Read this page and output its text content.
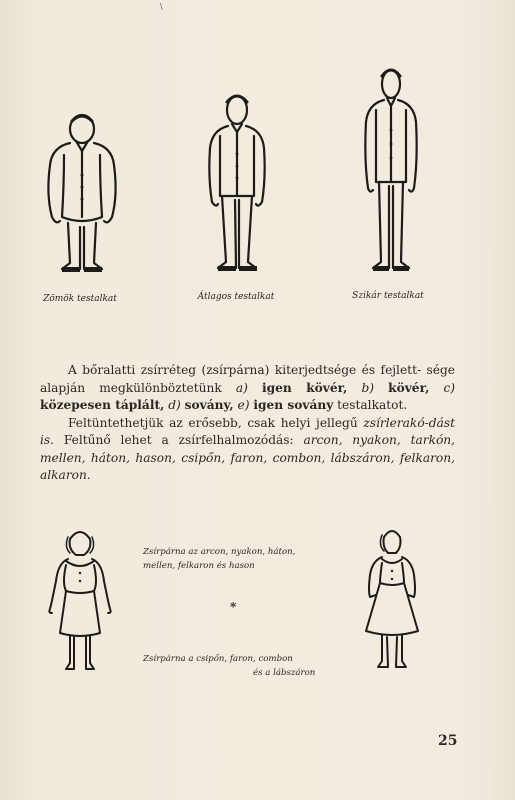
\
Zömök testalkat	Átlagos testalkat	Szikár testalkat

A bőralatti zsírréteg (zsírpárna) kiterjedtsége és fejlett- sége alapján megkülönböztetünk a) igen kövér, b) kövér, c) közepesen táplált, d) sovány, e) igen sovány testalkatot.

Feltüntethetjük az erősebb, csak helyi jellegű zsírlerakó-dást is. Feltűnő lehet a zsírfelhalmozódás: arcon, nyakon, tarkón, mellen, háton, hason, csipőn, faron, combon, lábszáron, felkaron, alkaron.

Zsírpárna az arcon, nyakon, háton,
mellen, felkaron és hason
*
Zsírpárna a csipőn, faron, combon
és a lábszáron
25
